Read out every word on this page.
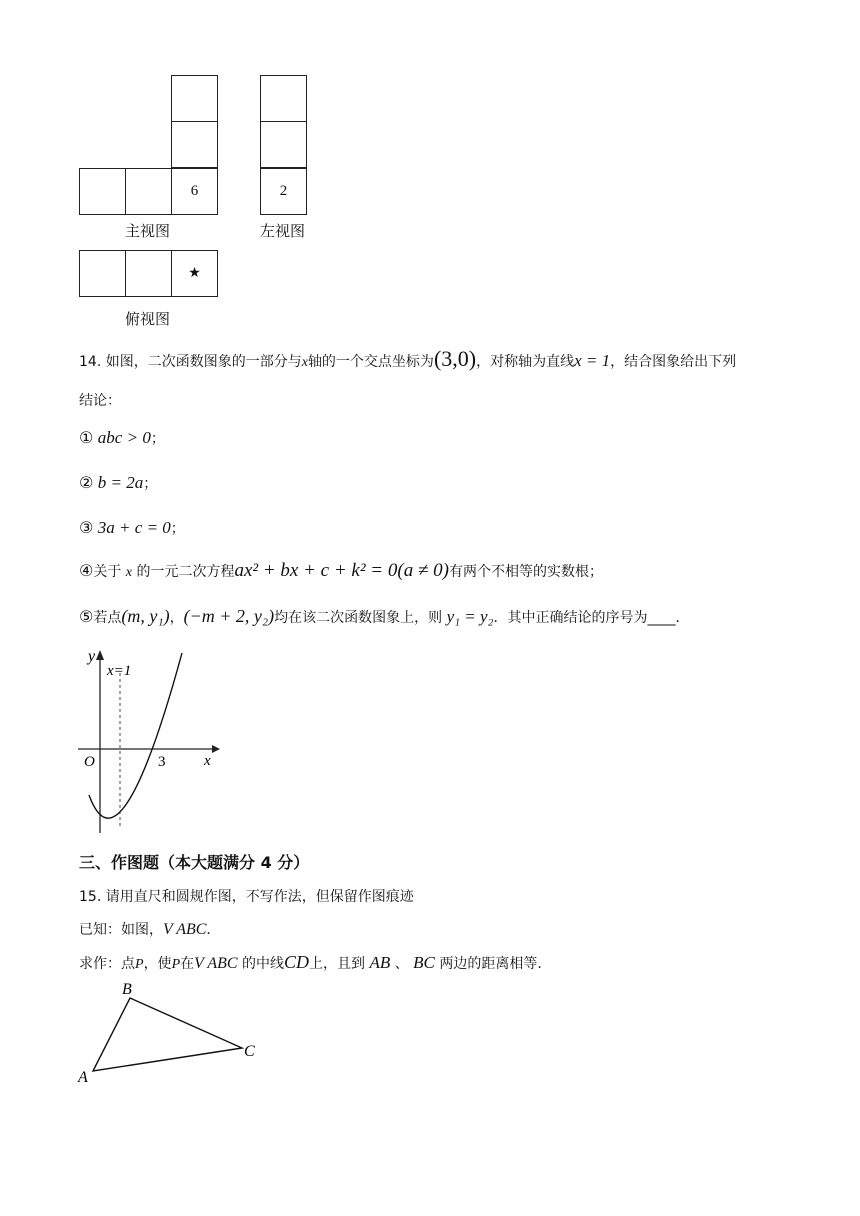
6
主视图
2
左视图
★
俯视图
14. 如图，二次函数图象的一部分与x轴的一个交点坐标为(3,0)，对称轴为直线x = 1，结合图象给出下列
结论：
① abc > 0；
② b = 2a；
③ 3a + c = 0；
④关于 x 的一元二次方程ax² + bx + c + k² = 0(a ≠ 0)有两个不相等的实数根；
⑤若点(m, y₁)，(−m + 2, y₂)均在该二次函数图象上，则 y₁ = y₂．其中正确结论的序号为____．
y
x=1
O	3	x
三、作图题（本大题满分 4 分）
15. 请用直尺和圆规作图，不写作法，但保留作图痕迹
已知：如图，V ABC．
求作：点P，使P在V ABC 的中线CD上，且到 AB 、 BC 两边的距离相等.
B
C
A
